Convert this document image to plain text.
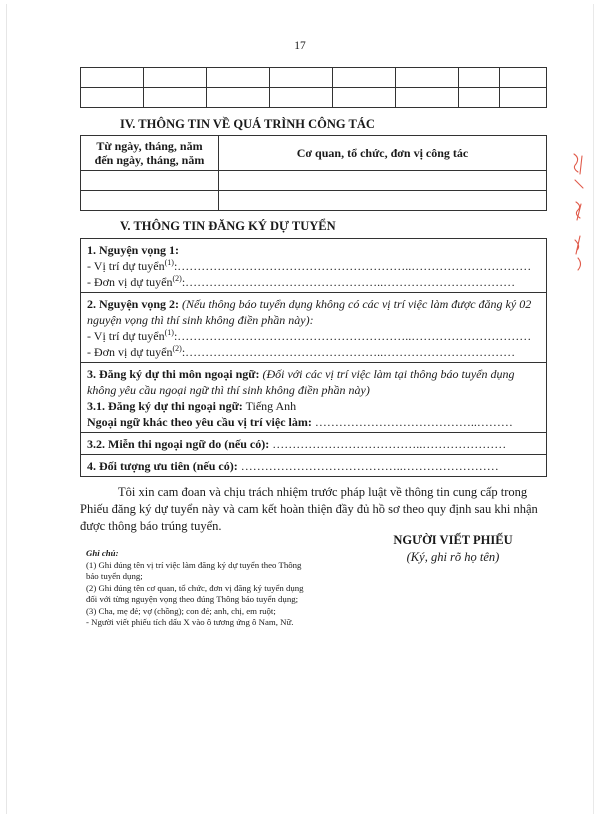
17

IV. THÔNG TIN VỀ QUÁ TRÌNH CÔNG TÁC
Từ ngày, tháng, năm
đến ngày, tháng, năm	Cơ quan, tổ chức, đơn vị công tác

V. THÔNG TIN ĐĂNG KÝ DỰ TUYỂN
1. Nguyện vọng 1:
- Vị trí dự tuyển$^{(1)}$:…………………………………………………..…………………………
- Đơn vị dự tuyển$^{(2)}$:…………………………………………..……………………………
2. Nguyện vọng 2: (Nếu thông báo tuyển dụng không có các vị trí việc làm được đăng ký 02 nguyện vọng thì thí sinh không điền phần này):
- Vị trí dự tuyển$^{(1)}$:…………………………………………………..…………………………
- Đơn vị dự tuyển$^{(2)}$:…………………………………………..……………………………
3. Đăng ký dự thi môn ngoại ngữ: (Đối với các vị trí việc làm tại thông báo tuyển dụng không yêu cầu ngoại ngữ thì thí sinh không điền phần này)
3.1. Đăng ký dự thi ngoại ngữ: Tiếng Anh
Ngoại ngữ khác theo yêu cầu vị trí việc làm: …………………………………..………
3.2. Miễn thi ngoại ngữ do (nếu có): ………………………………..…………………
4. Đối tượng ưu tiên (nếu có): …………………………………..……………………
Tôi xin cam đoan và chịu trách nhiệm trước pháp luật về thông tin cung cấp trong Phiếu đăng ký dự tuyển này và cam kết hoàn thiện đầy đủ hồ sơ theo quy định sau khi nhận được thông báo trúng tuyển.
NGƯỜI VIẾT PHIẾU
(Ký, ghi rõ họ tên)
Ghi chú:
(1) Ghi đúng tên vị trí việc làm đăng ký dự tuyển theo Thông báo tuyển dụng;
(2) Ghi đúng tên cơ quan, tổ chức, đơn vị đăng ký tuyển dụng đối với từng nguyện vọng theo đúng Thông báo tuyển dụng;
(3) Cha, mẹ đẻ; vợ (chồng); con đẻ; anh, chị, em ruột;
- Người viết phiếu tích dấu X vào ô tương ứng ô Nam, Nữ.
